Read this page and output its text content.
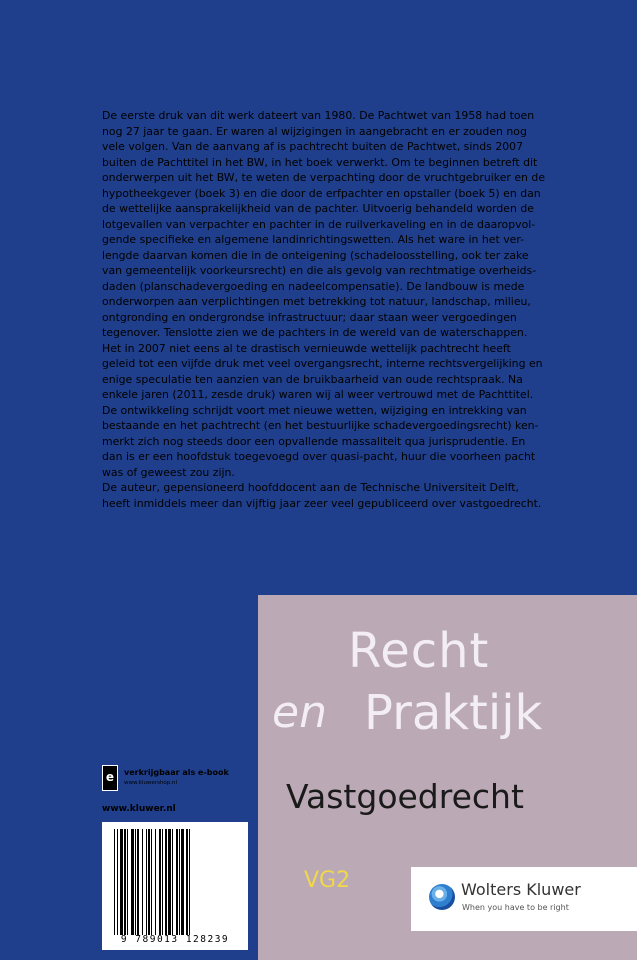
De eerste druk van dit werk dateert van 1980. De Pachtwet van 1958 had toen

nog 27 jaar te gaan. Er waren al wijzigingen in aangebracht en er zouden nog

vele volgen. Van de aanvang af is pachtrecht buiten de Pachtwet, sinds 2007

buiten de Pachttitel in het BW, in het boek verwerkt. Om te beginnen betreft dit

onderwerpen uit het BW, te weten de verpachting door de vruchtgebruiker en de

hypotheekgever (boek 3) en die door de erfpachter en opstaller (boek 5) en dan

de wettelijke aansprakelijkheid van de pachter. Uitvoerig behandeld worden de

lotgevallen van verpachter en pachter in de ruilverkaveling en in de daaropvol-

gende specifieke en algemene landinrichtingswetten. Als het ware in het ver-

lengde daarvan komen die in de onteigening (schadeloosstelling, ook ter zake

van gemeentelijk voorkeursrecht) en die als gevolg van rechtmatige overheids-

daden (planschadevergoeding en nadeelcompensatie). De landbouw is mede

onderworpen aan verplichtingen met betrekking tot natuur, landschap, milieu,

ontgronding en ondergrondse infrastructuur; daar staan weer vergoedingen

tegenover. Tenslotte zien we de pachters in de wereld van de waterschappen.

Het in 2007 niet eens al te drastisch vernieuwde wettelijk pachtrecht heeft

geleid tot een vijfde druk met veel overgangsrecht, interne rechtsvergelijking en

enige speculatie ten aanzien van de bruikbaarheid van oude rechtspraak. Na

enkele jaren (2011, zesde druk) waren wij al weer vertrouwd met de Pachttitel.

De ontwikkeling schrijdt voort met nieuwe wetten, wijziging en intrekking van

bestaande en het pachtrecht (en het bestuurlijke schadevergoedingsrecht) ken-

merkt zich nog steeds door een opvallende massaliteit qua jurisprudentie. En

dan is er een hoofdstuk toegevoegd over quasi-pacht, huur die voorheen pacht

was of geweest zou zijn.

De auteur, gepensioneerd hoofddocent aan de Technische Universiteit Delft,

heeft inmiddels meer dan vijftig jaar zeer veel gepubliceerd over vastgoedrecht.

e	verkrijgbaar als e-book
www.kluwershop.nl
www.kluwer.nl
9 789013 128239
Recht
en Praktijk
Vastgoedrecht
VG2	Wolters Kluwer
When you have to be right
